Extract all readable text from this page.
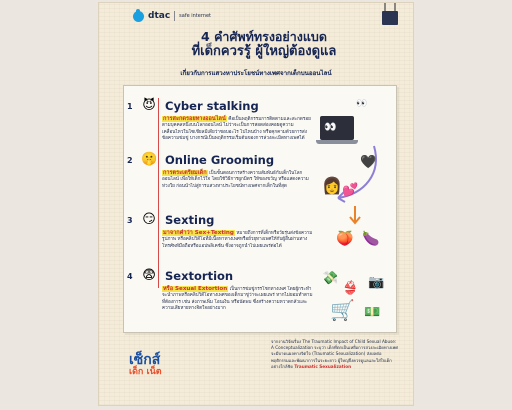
dtac safe internet
4 คำศัพท์ทรงอย่างแบด
ที่เด็กควรรู้ ผู้ใหญ่ต้องดูแล
เกี่ยวกับการแสวงหาประโยชน์ทางเพศจากเด็กบนออนไลน์
1 😈 Cyber stalking
การสะกดรอยทางออนไลน์ คือเป็นพฤติกรรมการติดตามและสะกดรอยตามบุคคลหนึ่งบนโลกออนไลน์ ไม่ว่าจะเป็นการสอดส่องคอยดูความเคลื่อนไหวในโซเชียลมีเดียว่าชอบอะไร ไปไหนบ้าง หรือคุกคามด้วยการส่งข้อความข่มขู่ บางกรณีเป็นพฤติกรรมเริ่มต้นของการล่วงละเมิดทางเพศได้
2 🤫 Online Grooming
การตระเตรียมเด็ก เป็นขั้นตอนการสร้างความสัมพันธ์กับเด็กในโลกออนไลน์ เพื่อให้เด็กไว้ใจ โดยใช้วิธีการผูกมิตร ให้ของขวัญ หรือแสดงความห่วงใย ก่อนนำไปสู่การแสวงหาประโยชน์ทางเพศจากเด็กในที่สุด
3 😏 Sexting
มาจากคำว่า Sex+Texting หมายถึงการที่เด็กหรือวัยรุ่นส่งข้อความ รูปภาพ หรือคลิปวิดีโอที่มีเนื้อหาทางเพศหรือยั่วยุทางเพศให้กับผู้อื่นผ่านทางโทรศัพท์มือถือหรือแอปพลิเคชัน ซึ่งอาจถูกนำไปเผยแพร่ต่อได้
4 😨 Sextortion
หรือ Sexual Extortion เป็นการข่มขู่กรรโชกทางเพศ โดยผู้กระทำจะนำภาพหรือคลิปวิดีโอทางเพศของเด็กมาขู่ว่าจะเผยแพร่ หากไม่ยอมทำตามที่ต้องการ เช่น ส่งภาพเพิ่ม โอนเงิน หรือนัดพบ ซึ่งสร้างความหวาดกลัวและความเสียหายทางจิตใจอย่างมาก
👀
👀
🖤
👩 💕
🍑 🍆
📷
👙
💸
🛒 💵
เซ็กส์
เด็ก เน็ต
จากงานวิจัยเรื่อง The Traumatic Impact of Child Sexual Abuse: A Conceptualization ระบุว่า เด็กที่ตกเป็นเหยื่อการล่วงละเมิดทางเพศจะมีบาดแผลทางจิตใจ (Traumatic Sexualization) ส่งผลต่อพฤติกรรมและพัฒนาการในระยะยาว ผู้ใหญ่จึงควรดูแลและใส่ใจเด็กอย่างใกล้ชิด Traumatic Sexualization
